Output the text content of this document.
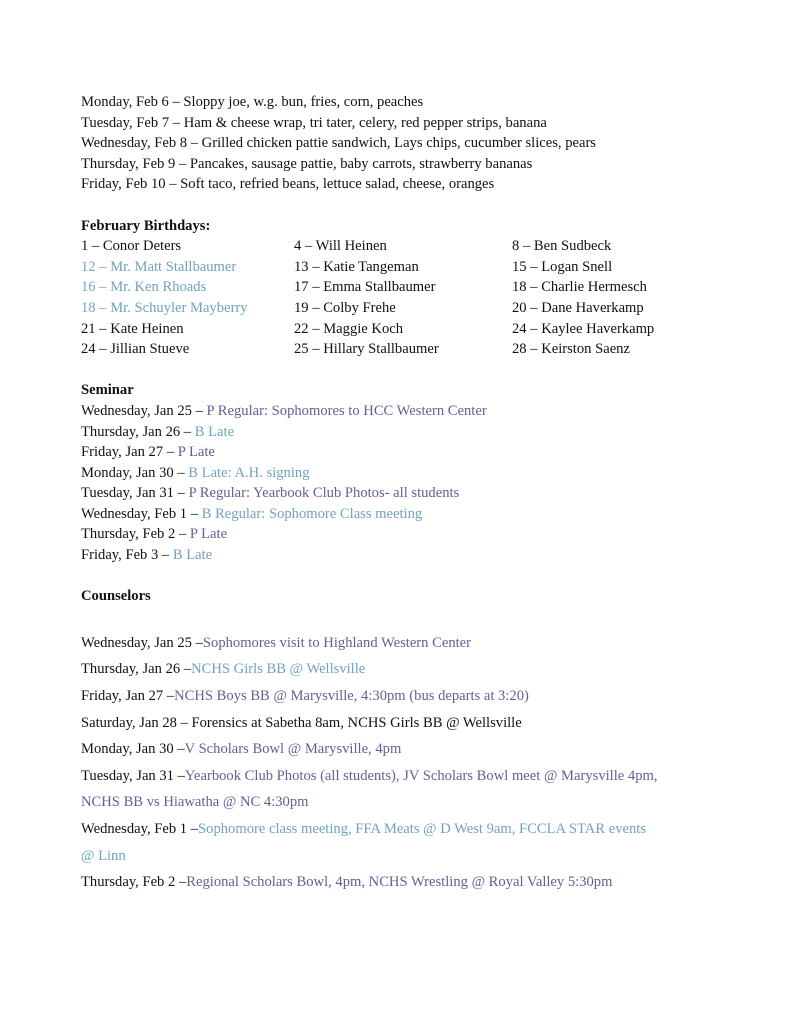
Monday, Feb 6 – Sloppy joe, w.g. bun, fries, corn, peaches
Tuesday, Feb 7 – Ham & cheese wrap, tri tater, celery, red pepper strips, banana
Wednesday, Feb 8 – Grilled chicken pattie sandwich, Lays chips, cucumber slices, pears
Thursday, Feb 9 – Pancakes, sausage pattie, baby carrots, strawberry bananas
Friday, Feb 10 – Soft taco, refried beans, lettuce salad, cheese, oranges
February Birthdays:
1 – Conor Deters	4 – Will Heinen	8 – Ben Sudbeck
12 – Mr. Matt Stallbaumer	13 – Katie Tangeman	15 – Logan Snell
16 – Mr. Ken Rhoads	17 – Emma Stallbaumer	18 – Charlie Hermesch
18 – Mr. Schuyler Mayberry	19 – Colby Frehe	20 – Dane Haverkamp
21 – Kate Heinen	22 – Maggie Koch	24 – Kaylee Haverkamp
24 – Jillian Stueve	25 – Hillary Stallbaumer	28 – Keirston Saenz
Seminar
Wednesday, Jan 25 – P Regular: Sophomores to HCC Western Center
Thursday, Jan 26 – B Late
Friday, Jan 27 – P Late
Monday, Jan 30 – B Late: A.H. signing
Tuesday, Jan 31 – P Regular: Yearbook Club Photos- all students
Wednesday, Feb 1 – B Regular: Sophomore Class meeting
Thursday, Feb 2 – P Late
Friday, Feb 3 – B Late
Counselors
Wednesday, Jan 25 –Sophomores visit to Highland Western Center
Thursday, Jan 26 –NCHS Girls BB @ Wellsville
Friday, Jan 27 –NCHS Boys BB @ Marysville, 4:30pm (bus departs at 3:20)
Saturday, Jan 28 – Forensics at Sabetha 8am, NCHS Girls BB @ Wellsville
Monday, Jan 30 –V Scholars Bowl @ Marysville, 4pm
Tuesday, Jan 31 –Yearbook Club Photos (all students), JV Scholars Bowl meet @ Marysville 4pm,
NCHS BB vs Hiawatha @ NC 4:30pm
Wednesday, Feb 1 –Sophomore class meeting, FFA Meats @ D West 9am, FCCLA STAR events
@ Linn
Thursday, Feb 2 –Regional Scholars Bowl, 4pm, NCHS Wrestling @ Royal Valley 5:30pm
